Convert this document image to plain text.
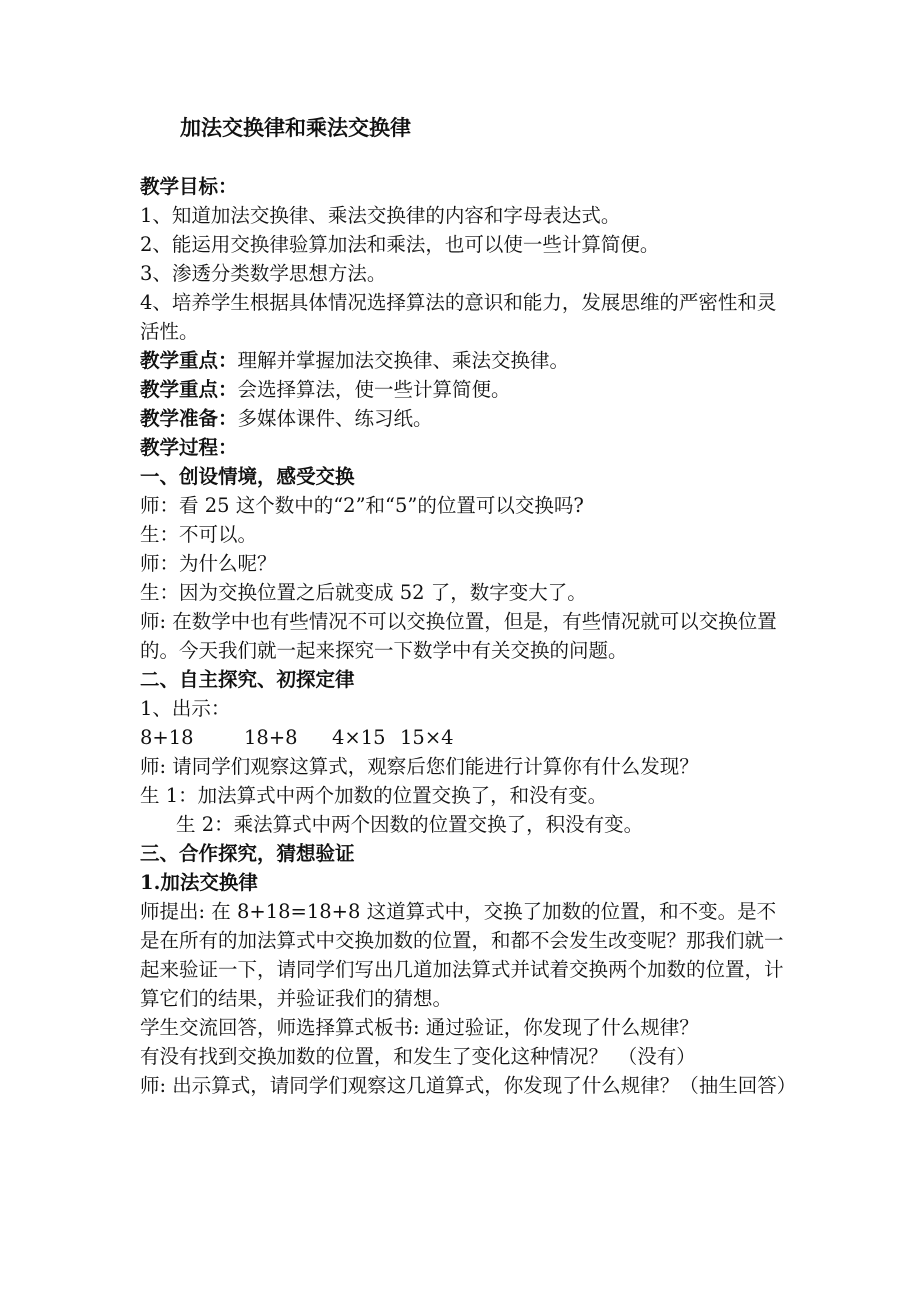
加法交换律和乘法交换律
教学目标：
1、知道加法交换律、乘法交换律的内容和字母表达式。
2、能运用交换律验算加法和乘法，也可以使一些计算简便。
3、渗透分类数学思想方法。
4、培养学生根据具体情况选择算法的意识和能力，发展思维的严密性和灵活性。
教学重点：理解并掌握加法交换律、乘法交换律。
教学重点：会选择算法，使一些计算简便。
教学准备：多媒体课件、练习纸。
教学过程：
一、创设情境，感受交换
师：看 25 这个数中的“2”和“5”的位置可以交换吗?
生：不可以。
师：为什么呢？
生：因为交换位置之后就变成 52 了，数字变大了。
师: 在数学中也有些情况不可以交换位置，但是，有些情况就可以交换位置的。今天我们就一起来探究一下数学中有关交换的问题。
二、自主探究、初探定律
1、出示：
8+18	18+8 4×15 15×4
师: 请同学们观察这算式，观察后您们能进行计算你有什么发现？
生 1：加法算式中两个加数的位置交换了，和没有变。
生 2：乘法算式中两个因数的位置交换了，积没有变。
三、合作探究，猜想验证
1.加法交换律
师提出: 在 8+18=18+8 这道算式中，交换了加数的位置，和不变。是不是在所有的加法算式中交换加数的位置，和都不会发生改变呢？那我们就一起来验证一下，请同学们写出几道加法算式并试着交换两个加数的位置，计算它们的结果，并验证我们的猜想。
学生交流回答，师选择算式板书: 通过验证，你发现了什么规律？
有没有找到交换加数的位置，和发生了变化这种情况？　（没有）
师: 出示算式，请同学们观察这几道算式，你发现了什么规律？（抽生回答）
